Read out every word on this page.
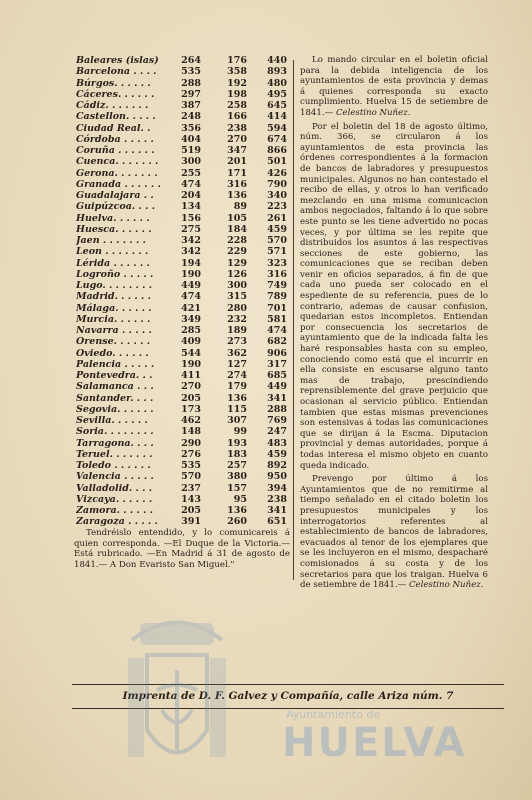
Baleares (islas)	264	176	440
Barcelona . . . .	535	358	893
Búrgos. . . . . .	288	192	480
Cáceres. . . . . .	297	198	495
Cádiz. . . . . . .	387	258	645
Castellon. . . . .	248	166	414
Ciudad Real. .	356	238	594
Córdoba . . . . .	404	270	674
Coruña . . . . . .	519	347	866
Cuenca. . . . . . .	300	201	501
Gerona. . . . . . .	255	171	426
Granada . . . . . .	474	316	790
Guadalajara . .	204	136	340
Guipúzcoa. . . .	134	89	223
Huelva. . . . . .	156	105	261
Huesca. . . . . .	275	184	459
Jaen . . . . . . .	342	228	570
Leon . . . . . . .	342	229	571
Lérida . . . . . .	194	129	323
Logroño . . . . .	190	126	316
Lugo. . . . . . . .	449	300	749
Madrid. . . . . .	474	315	789
Málaga. . . . . .	421	280	701
Murcia. . . . . .	349	232	581
Navarra . . . . .	285	189	474
Orense. . . . . .	409	273	682
Oviedo. . . . . .	544	362	906
Palencia . . . . .	190	127	317
Pontevedra. . .	411	274	685
Salamanca . . .	270	179	449
Santander. . . .	205	136	341
Segovia. . . . . .	173	115	288
Sevilla. . . . . .	462	307	769
Soria. . . . . . . .	148	99	247
Tarragona. . . .	290	193	483
Teruel. . . . . . .	276	183	459
Toledo . . . . . .	535	257	892
Valencia . . . . .	570	380	950
Valladolid. . . .	237	157	394
Vizcaya. . . . . .	143	95	238
Zamora. . . . . .	205	136	341
Zaragoza . . . . .	391	260	651

Tendréislo entendido, y lo comunicareis á quien corresponda. —El Duque de la Victoria.—Está rubricado. —En Madrid á 31 de agosto de 1841.— A Don Evaristo San Miguel."

Lo mando circular en el boletin oficial para la debida inteligencia de los ayuntamientos de esta provincia y demas á quienes corresponda su exacto cumplimiento. Huelva 15 de setiembre de 1841.— Celestino Nuñez.

Por el boletin del 18 de agosto último, núm. 366, se circularon á los ayuntamientos de esta provincia las órdenes correspondientes á la formacion de bancos de labradores y presupuestos municipales. Algunos no han contestado el recibo de ellas, y otros lo han verificado mezclando en una misma comunicacion ambos negociados, faltando á lo que sobre este punto se les tiene advertido no pocas veces, y por última se les repite que distribuidos los asuntos á las respectivas secciones de este gobierno, las comunicaciones que se reciban deben venir en oficios separados, á fin de que cada uno pueda ser colocado en el espediente de su referencia, pues de lo contrario, ademas de causar confusion, quedarian estos incompletos. Entiendan por consecuencia los secretarios de ayuntamiento que de la indicada falta les haré responsables hasta con su empleo, conociendo como está que el incurrir en ella consiste en escusarse alguno tanto mas de trabajo, prescindiendo reprensiblemente del grave perjuicio que ocasionan al servicio público. Entiendan tambien que estas mismas prevenciones son estensivas á todas las comunicaciones que se dirijan á la Escma. Diputacion provincial y demas autoridades, porque á todas interesa el mismo objeto en cuanto queda indicado.

Prevengo por último á los Ayuntamientos que de no remitirme al tiempo señalado en el citado boletin los presupuestos municipales y los interrogatorios referentes al establecimiento de bancos de labradores, evacuados al tenor de los ejemplares que se les incluyeron en el mismo, despacharé comisionados á su costa y de los secretarios para que los traigan. Huelva 6 de setiembre de 1841.— Celestino Nuñez.

Imprenta de D. F. Galvez y Compañía, calle Ariza núm. 7
Ayuntamiento de
HUELVA
